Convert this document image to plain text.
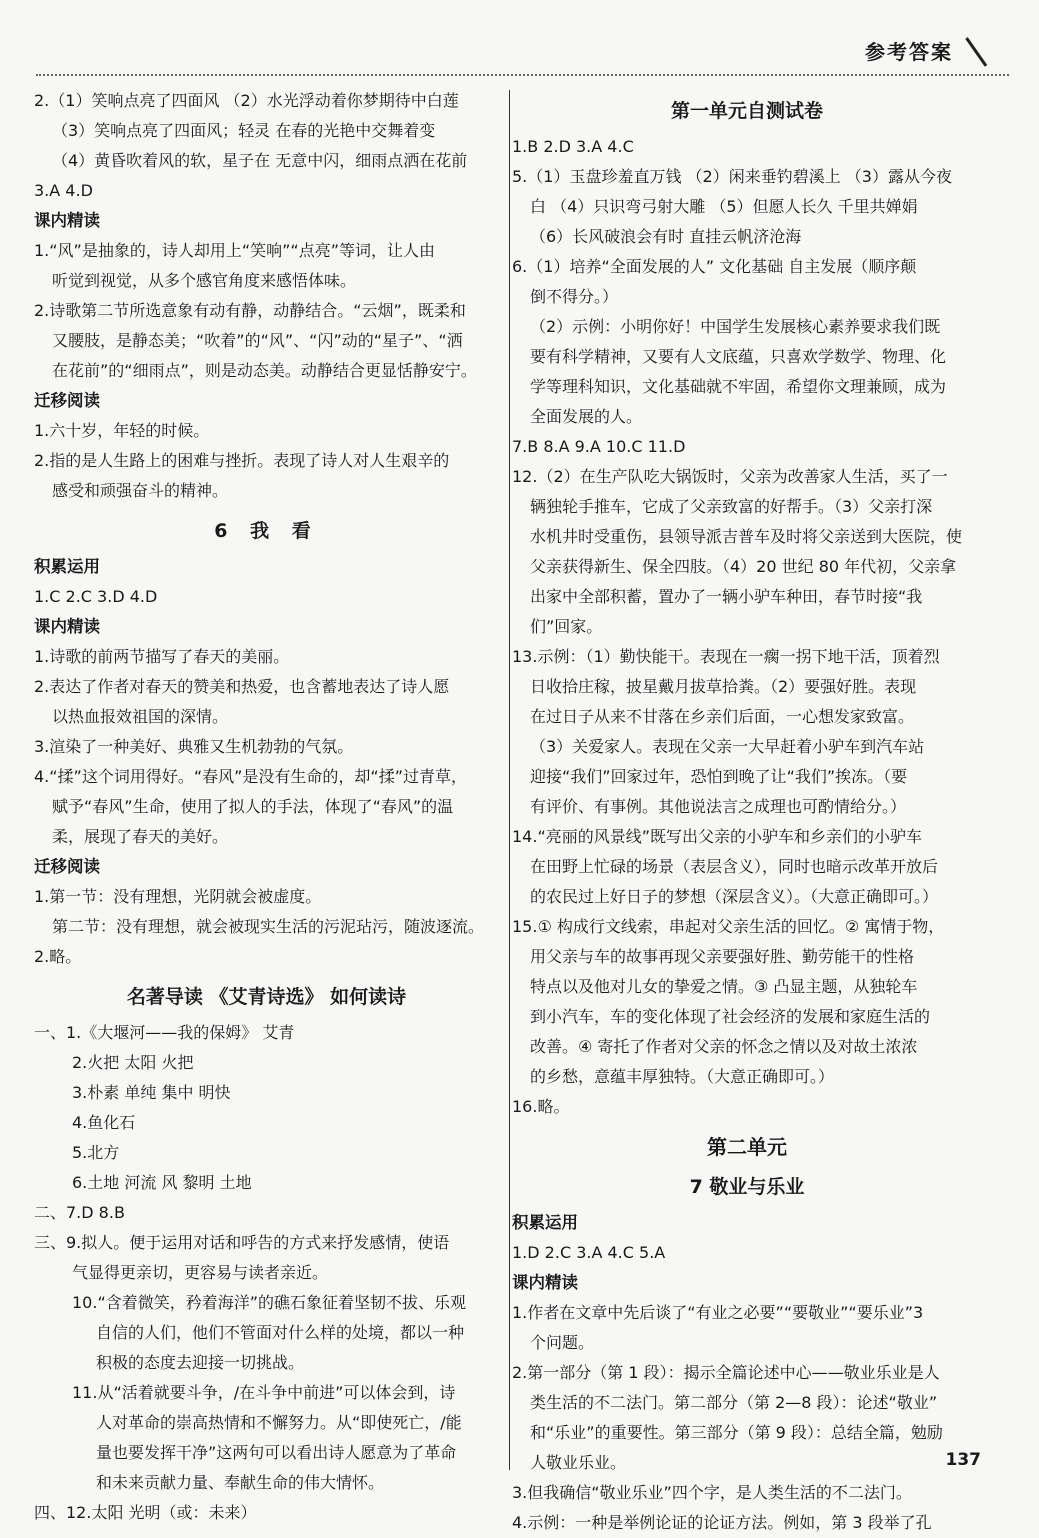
参考答案
2.（1）笑响点亮了四面风 （2）水光浮动着你梦期待中白莲
（3）笑响点亮了四面风；轻灵 在春的光艳中交舞着变
（4）黄昏吹着风的软，星子在 无意中闪，细雨点洒在花前
3.A 4.D
课内精读
1.“风”是抽象的，诗人却用上“笑响”“点亮”等词，让人由
听觉到视觉，从多个感官角度来感悟体味。
2.诗歌第二节所选意象有动有静，动静结合。“云烟”，既柔和
又腰肢，是静态美；“吹着”的“风”、“闪”动的“星子”、“洒
在花前”的“细雨点”，则是动态美。动静结合更显恬静安宁。
迁移阅读
1.六十岁，年轻的时候。
2.指的是人生路上的困难与挫折。表现了诗人对人生艰辛的
感受和顽强奋斗的精神。
6 我 看
积累运用
1.C 2.C 3.D 4.D
课内精读
1.诗歌的前两节描写了春天的美丽。
2.表达了作者对春天的赞美和热爱，也含蓄地表达了诗人愿
以热血报效祖国的深情。
3.渲染了一种美好、典雅又生机勃勃的气氛。
4.“揉”这个词用得好。“春风”是没有生命的，却“揉”过青草，
赋予“春风”生命，使用了拟人的手法，体现了“春风”的温
柔，展现了春天的美好。
迁移阅读
1.第一节：没有理想，光阴就会被虚度。
第二节：没有理想，就会被现实生活的污泥玷污，随波逐流。
2.略。
名著导读 《艾青诗选》 如何读诗
一、1.《大堰河——我的保姆》 艾青
2.火把 太阳 火把
3.朴素 单纯 集中 明快
4.鱼化石
5.北方
6.土地 河流 风 黎明 土地
二、7.D 8.B
三、9.拟人。便于运用对话和呼告的方式来抒发感情，使语
气显得更亲切，更容易与读者亲近。
10.“含着微笑，矜着海洋”的礁石象征着坚韧不拔、乐观
自信的人们，他们不管面对什么样的处境，都以一种
积极的态度去迎接一切挑战。
11.从“活着就要斗争，/在斗争中前进”可以体会到，诗
人对革命的崇高热情和不懈努力。从“即使死亡，/能
量也要发挥干净”这两句可以看出诗人愿意为了革命
和未来贡献力量、奉献生命的伟大情怀。
四、12.太阳 光明（或：未来）
第一单元自测试卷
1.B 2.D 3.A 4.C
5.（1）玉盘珍羞直万钱 （2）闲来垂钓碧溪上 （3）露从今夜
白 （4）只识弯弓射大雕 （5）但愿人长久 千里共婵娟
（6）长风破浪会有时 直挂云帆济沧海
6.（1）培养“全面发展的人” 文化基础 自主发展（顺序颠
倒不得分。）
（2）示例：小明你好！中国学生发展核心素养要求我们既
要有科学精神，又要有人文底蕴，只喜欢学数学、物理、化
学等理科知识，文化基础就不牢固，希望你文理兼顾，成为
全面发展的人。
7.B 8.A 9.A 10.C 11.D
12.（2）在生产队吃大锅饭时，父亲为改善家人生活，买了一
辆独轮手推车，它成了父亲致富的好帮手。（3）父亲打深
水机井时受重伤，县领导派吉普车及时将父亲送到大医院，使
父亲获得新生、保全四肢。（4）20 世纪 80 年代初，父亲拿
出家中全部积蓄，置办了一辆小驴车种田，春节时接“我
们”回家。
13.示例：（1）勤快能干。表现在一瘸一拐下地干活，顶着烈
日收拾庄稼，披星戴月拔草拾粪。（2）要强好胜。表现
在过日子从来不甘落在乡亲们后面，一心想发家致富。
（3）关爱家人。表现在父亲一大早赶着小驴车到汽车站
迎接“我们”回家过年，恐怕到晚了让“我们”挨冻。（要
有评价、有事例。其他说法言之成理也可酌情给分。）
14.“亮丽的风景线”既写出父亲的小驴车和乡亲们的小驴车
在田野上忙碌的场景（表层含义），同时也暗示改革开放后
的农民过上好日子的梦想（深层含义）。（大意正确即可。）
15.① 构成行文线索，串起对父亲生活的回忆。② 寓情于物，
用父亲与车的故事再现父亲要强好胜、勤劳能干的性格
特点以及他对儿女的挚爱之情。③ 凸显主题，从独轮车
到小汽车，车的变化体现了社会经济的发展和家庭生活的
改善。④ 寄托了作者对父亲的怀念之情以及对故土浓浓
的乡愁，意蕴丰厚独特。（大意正确即可。）
16.略。
第二单元
7 敬业与乐业
积累运用
1.D 2.C 3.A 4.C 5.A
课内精读
1.作者在文章中先后谈了“有业之必要”“要敬业”“要乐业”3
个问题。
2.第一部分（第 1 段）：揭示全篇论述中心——敬业乐业是人
类生活的不二法门。第二部分（第 2—8 段）：论述“敬业”
和“乐业”的重要性。第三部分（第 9 段）：总结全篇，勉励
人敬业乐业。
3.但我确信“敬业乐业”四个字，是人类生活的不二法门。
4.示例：一种是举例论证的论证方法。例如，第 3 段举了孔
137
